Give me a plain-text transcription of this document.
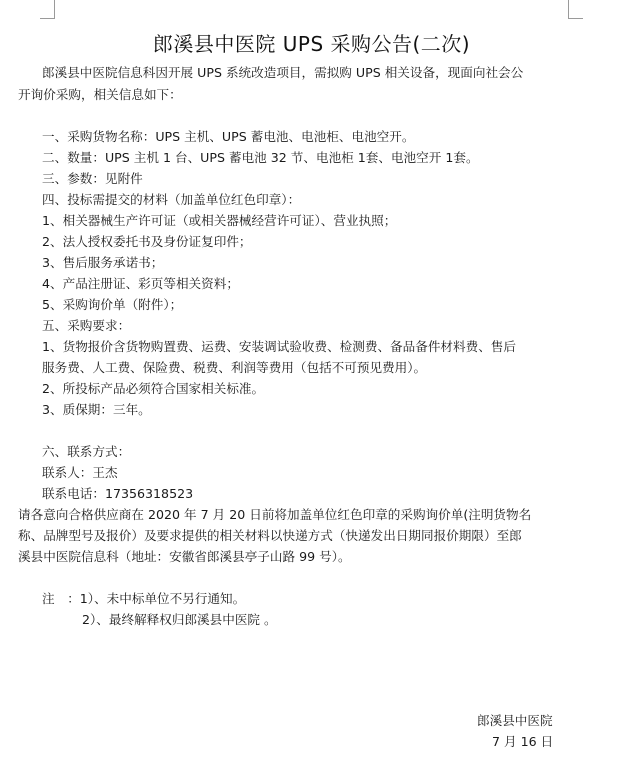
郎溪县中医院 UPS 采购公告(二次)

郎溪县中医院信息科因开展 UPS 系统改造项目，需拟购 UPS 相关设备，现面向社会公

开询价采购，相关信息如下：

一、采购货物名称：UPS 主机、UPS 蓄电池、电池柜、电池空开。

二、数量：UPS 主机 1 台、UPS 蓄电池 32 节、电池柜 1套、电池空开 1套。

三、参数：见附件

四、投标需提交的材料（加盖单位红色印章）：

1、相关器械生产许可证（或相关器械经营许可证）、营业执照；

2、法人授权委托书及身份证复印件；

3、售后服务承诺书；

4、产品注册证、彩页等相关资料；

5、采购询价单（附件）；

五、采购要求：

1、货物报价含货物购置费、运费、安装调试验收费、检测费、备品备件材料费、售后

服务费、人工费、保险费、税费、利润等费用（包括不可预见费用）。

2、所投标产品必须符合国家相关标准。

3、质保期：三年。

六、联系方式：

联系人：王杰

联系电话：17356318523

请各意向合格供应商在 2020 年 7 月 20 日前将加盖单位红色印章的采购询价单(注明货物名

称、品牌型号及报价）及要求提供的相关材料以快递方式（快递发出日期同报价期限）至郎

溪县中医院信息科（地址：安徽省郎溪县亭子山路 99 号）。

注　：1）、未中标单位不另行通知。

2）、最终解释权归郎溪县中医院 。

郎溪县中医院
7 月 16 日
